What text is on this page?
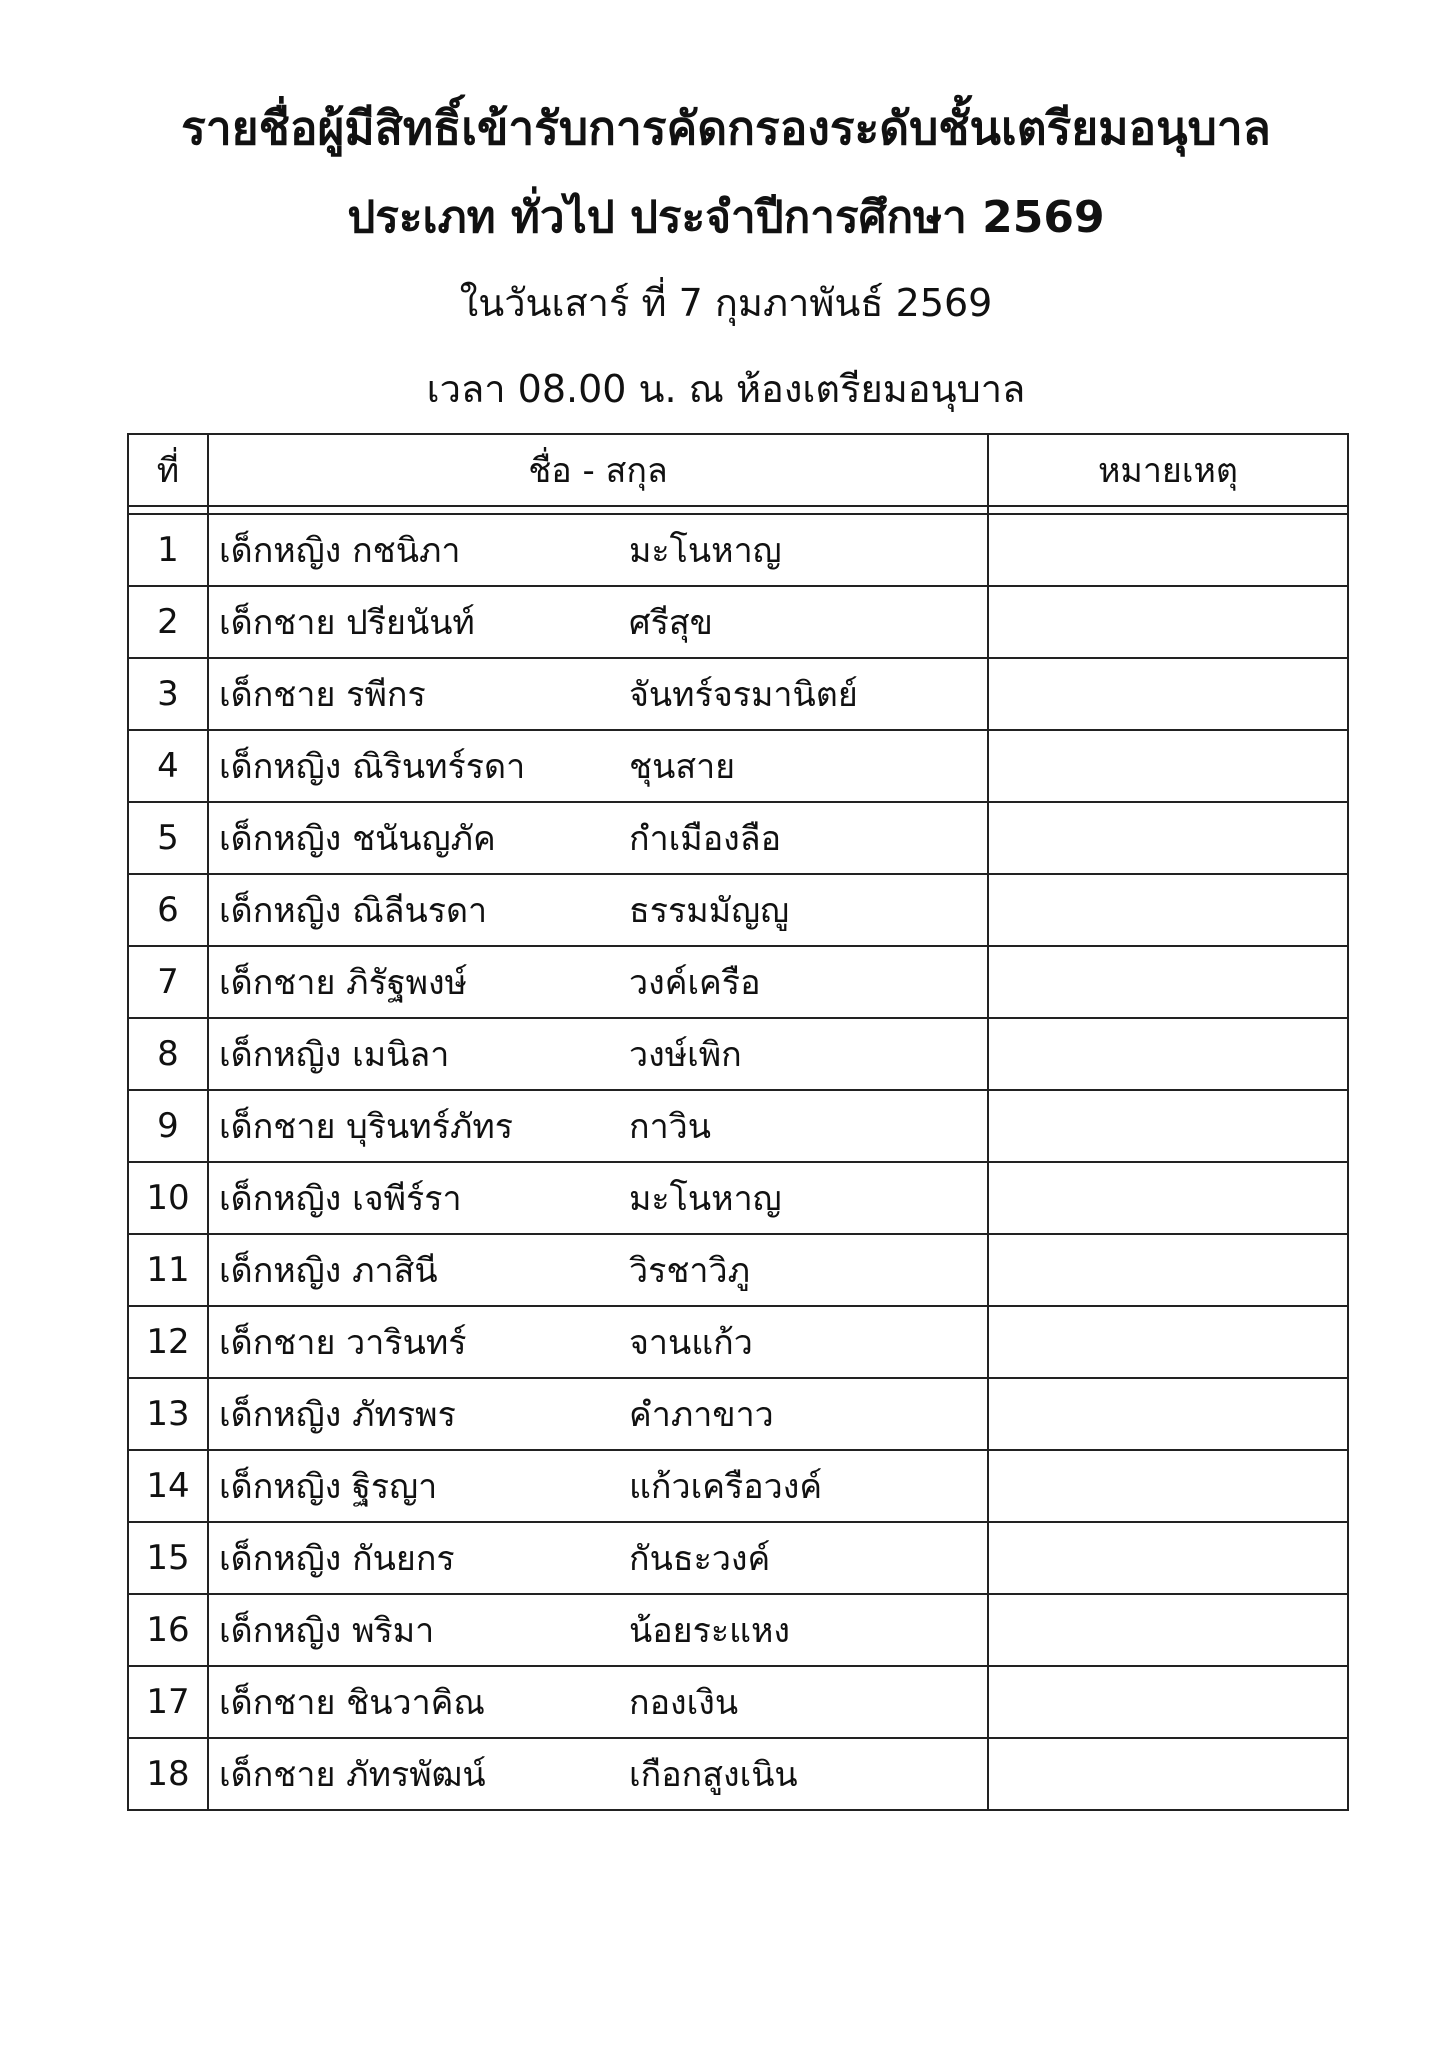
รายชื่อผู้มีสิทธิ์เข้ารับการคัดกรองระดับชั้นเตรียมอนุบาล
ประเภท ทั่วไป ประจำปีการศึกษา 2569
ในวันเสาร์ ที่ 7 กุมภาพันธ์ 2569
เวลา 08.00 น. ณ ห้องเตรียมอนุบาล
ที่	ชื่อ - สกุล	หมายเหตุ

1	เด็กหญิง กชนิภา มะโนหาญ	
2	เด็กชาย ปรียนันท์ ศรีสุข	
3	เด็กชาย รพีกร จันทร์จรมานิตย์	
4	เด็กหญิง ณิรินทร์รดา ชุนสาย	
5	เด็กหญิง ชนันญภัค กำเมืองลือ	
6	เด็กหญิง ณิลีนรดา ธรรมมัญญู	
7	เด็กชาย ภิรัฐพงษ์ วงค์เครือ	
8	เด็กหญิง เมนิลา วงษ์เพิก	
9	เด็กชาย บุรินทร์ภัทร กาวิน	
10	เด็กหญิง เจพีร์รา มะโนหาญ	
11	เด็กหญิง ภาสินี วิรชาวิภู	
12	เด็กชาย วารินทร์ จานแก้ว	
13	เด็กหญิง ภัทรพร คำภาขาว	
14	เด็กหญิง ฐิรญา แก้วเครือวงค์	
15	เด็กหญิง กันยกร กันธะวงค์	
16	เด็กหญิง พริมา น้อยระแหง	
17	เด็กชาย ชินวาคิณ กองเงิน	
18	เด็กชาย ภัทรพัฒน์ เกือกสูงเนิน	
